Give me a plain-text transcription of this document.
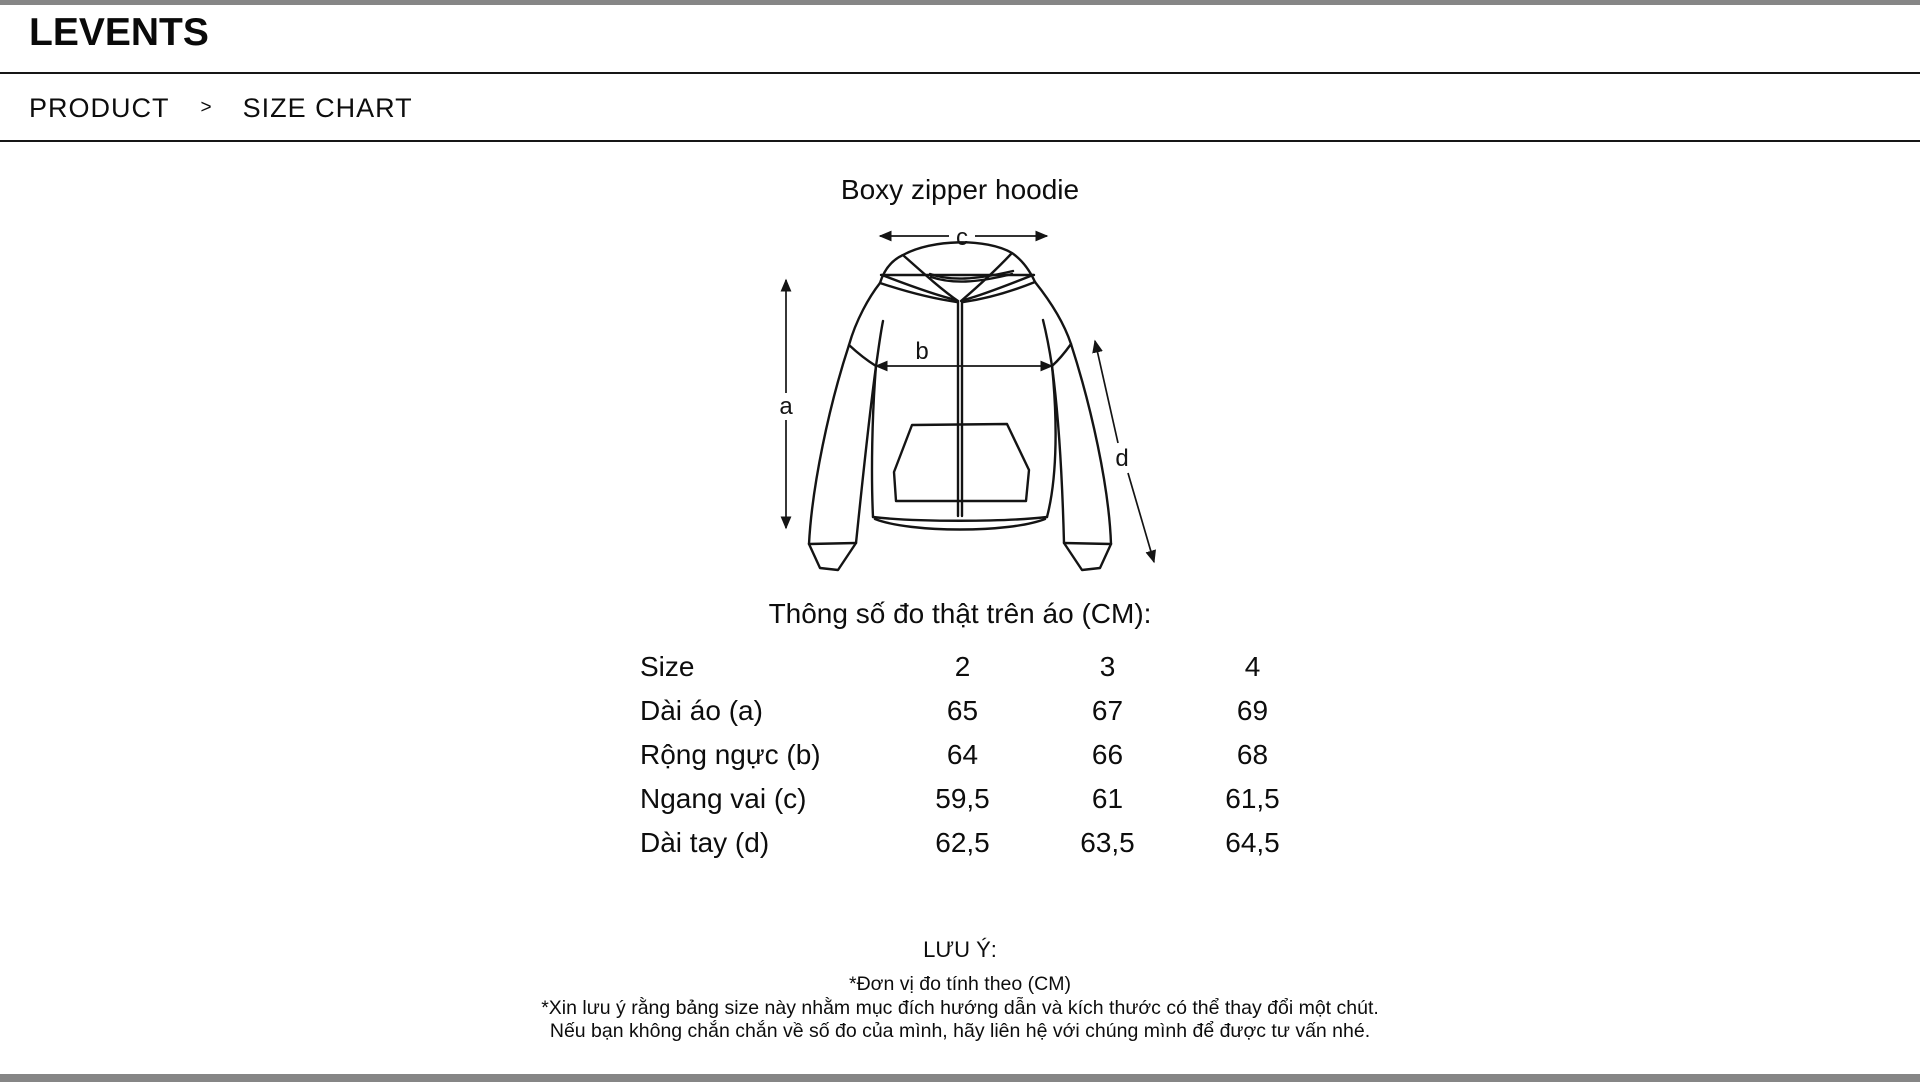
LEVENTS
PRODUCT > SIZE CHART
Boxy zipper hoodie
c
a
b
d
Thông số đo thật trên áo (CM):
Size	2	3	4
Dài áo (a)	65	67	69
Rộng ngực (b)	64	66	68
Ngang vai (c)	59,5	61	61,5
Dài tay (d)	62,5	63,5	64,5
LƯU Ý:
*Đơn vị đo tính theo (CM)
*Xin lưu ý rằng bảng size này nhằm mục đích hướng dẫn và kích thước có thể thay đổi một chút.
Nếu bạn không chắn chắn về số đo của mình, hãy liên hệ với chúng mình để được tư vấn nhé.
